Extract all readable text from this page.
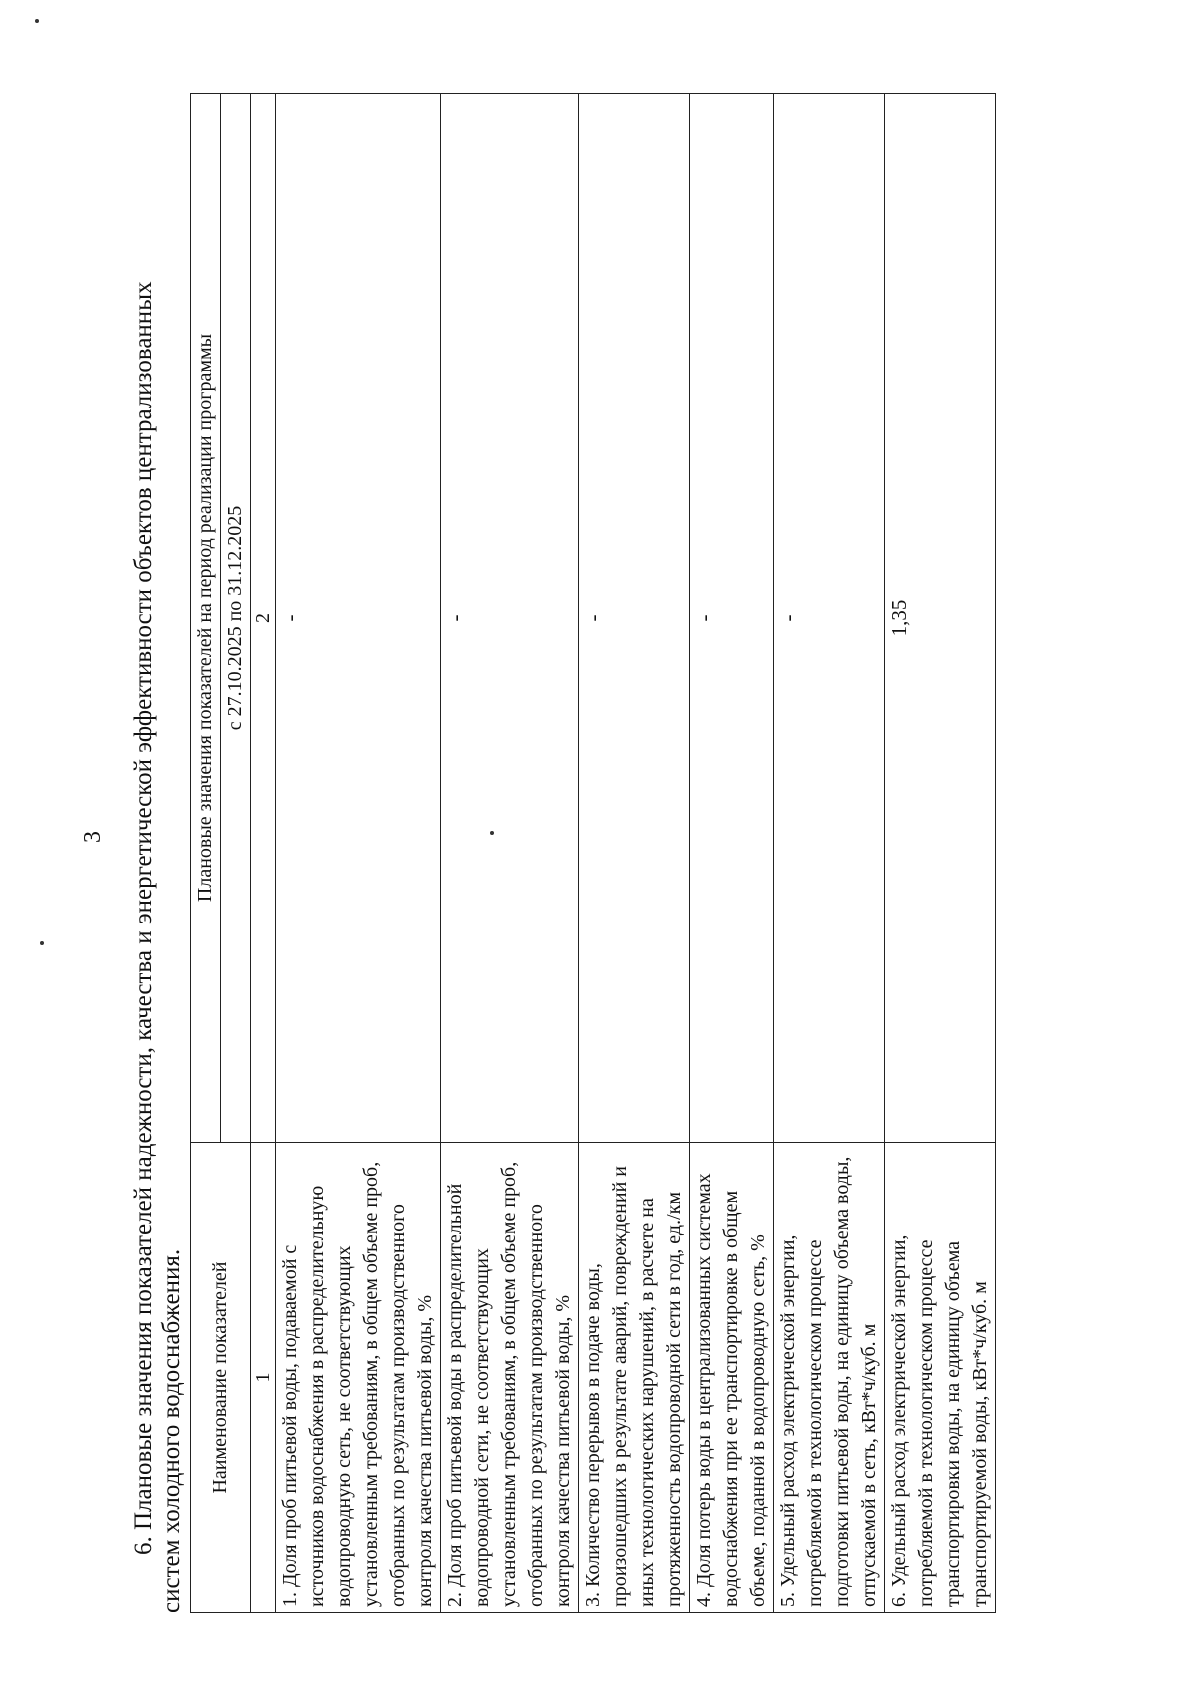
3 6. Плановые значения показателей надежности, качества и энергетической эффективности объектов централизованных систем холодного водоснабжения. Наименование показателей	Плановые значения показателей на период реализации программы
	с 27.10.2025 по 31.12.2025
1	2
1. Доля проб питьевой воды, подаваемой с источников водоснабжения в распределительную водопроводную сеть, не соответствующих установленным требованиям, в общем объеме проб, отобранных по результатам производственного контроля качества питьевой воды, %	-
2. Доля проб питьевой воды в распределительной водопроводной сети, не соответствующих установленным требованиям, в общем объеме проб, отобранных по результатам производственного контроля качества питьевой воды, %	-
3. Количество перерывов в подаче воды, произошедших в результате аварий, повреждений и иных технологических нарушений, в расчете на протяженность водопроводной сети в год, ед./км	-
4. Доля потерь воды в централизованных системах водоснабжения при ее транспортировке в общем объеме, поданной в водопроводную сеть, %	-
5. Удельный расход электрической энергии, потребляемой в технологическом процессе подготовки питьевой воды, на единицу объема воды, отпускаемой в сеть, кВт*ч/куб. м	-
6. Удельный расход электрической энергии, потребляемой в технологическом процессе транспортировки воды, на единицу объема транспортируемой воды, кВт*ч/куб. м	1,35
